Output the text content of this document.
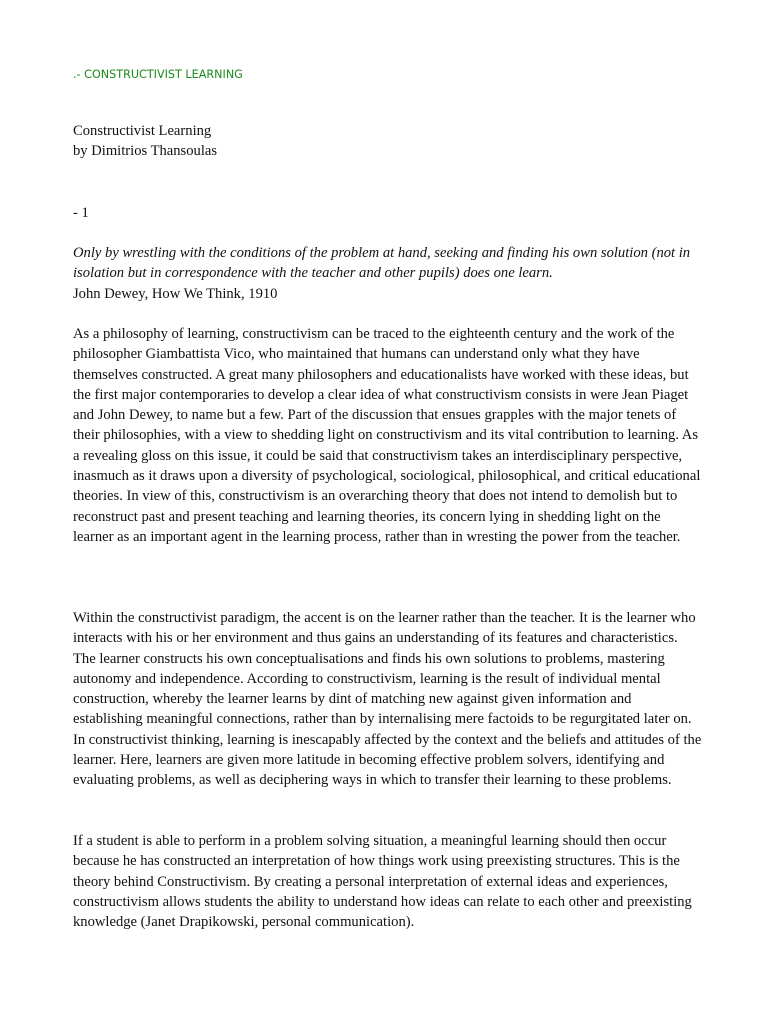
.- CONSTRUCTIVIST LEARNING
Constructivist Learning
by Dimitrios Thansoulas
- 1
Only by wrestling with the conditions of the problem at hand, seeking and finding his own solution (not in isolation but in correspondence with the teacher and other pupils) does one learn.
John Dewey, How We Think, 1910

As a philosophy of learning, constructivism can be traced to the eighteenth century and the work of the philosopher Giambattista Vico, who maintained that humans can understand only what they have themselves constructed. A great many philosophers and educationalists have worked with these ideas, but the first major contemporaries to develop a clear idea of what constructivism consists in were Jean Piaget and John Dewey, to name but a few. Part of the discussion that ensues grapples with the major tenets of their philosophies, with a view to shedding light on constructivism and its vital contribution to learning. As a revealing gloss on this issue, it could be said that constructivism takes an interdisciplinary perspective, inasmuch as it draws upon a diversity of psychological, sociological, philosophical, and critical educational theories. In view of this, constructivism is an overarching theory that does not intend to demolish but to reconstruct past and present teaching and learning theories, its concern lying in shedding light on the learner as an important agent in the learning process, rather than in wresting the power from the teacher.

Within the constructivist paradigm, the accent is on the learner rather than the teacher. It is the learner who interacts with his or her environment and thus gains an understanding of its features and characteristics. The learner constructs his own conceptualisations and finds his own solutions to problems, mastering autonomy and independence. According to constructivism, learning is the result of individual mental construction, whereby the learner learns by dint of matching new against given information and establishing meaningful connections, rather than by internalising mere factoids to be regurgitated later on. In constructivist thinking, learning is inescapably affected by the context and the beliefs and attitudes of the learner. Here, learners are given more latitude in becoming effective problem solvers, identifying and evaluating problems, as well as deciphering ways in which to transfer their learning to these problems.

If a student is able to perform in a problem solving situation, a meaningful learning should then occur because he has constructed an interpretation of how things work using preexisting structures. This is the theory behind Constructivism. By creating a personal interpretation of external ideas and experiences, constructivism allows students the ability to understand how ideas can relate to each other and preexisting knowledge (Janet Drapikowski, personal communication).
